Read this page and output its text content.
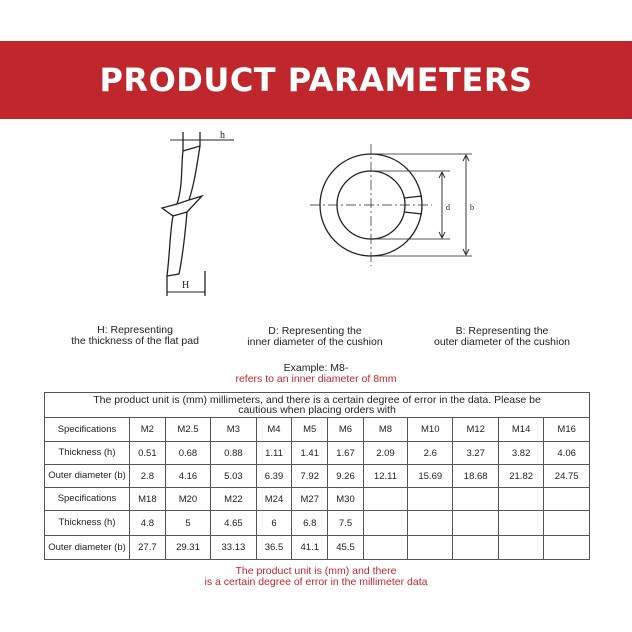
PRODUCT PARAMETERS
h
H
d	b
H: Representing
the thickness of the flat pad
D: Representing the
inner diameter of the cushion
B: Representing the
outer diameter of the cushion
Example: M8-
refers to an inner diameter of 8mm
The product unit is (mm) millimeters, and there is a certain degree of error in the data. Please be cautious when placing orders with											
Specifications	M2	M2.5	M3	M4	M5	M6	M8	M10	M12	M14	M16
Thickness (h)	0.51	0.68	0.88	1.11	1.41	1.67	2.09	2.6	3.27	3.82	4.06
Outer diameter (b)	2.8	4.16	5.03	6.39	7.92	9.26	12.11	15.69	18.68	21.82	24.75
Specifications	M18	M20	M22	M24	M27	M30					
Thickness (h)	4.8	5	4.65	6	6.8	7.5					
Outer diameter (b)	27.7	29.31	33.13	36.5	41.1	45.5					
The product unit is (mm) and there
is a certain degree of error in the millimeter data
